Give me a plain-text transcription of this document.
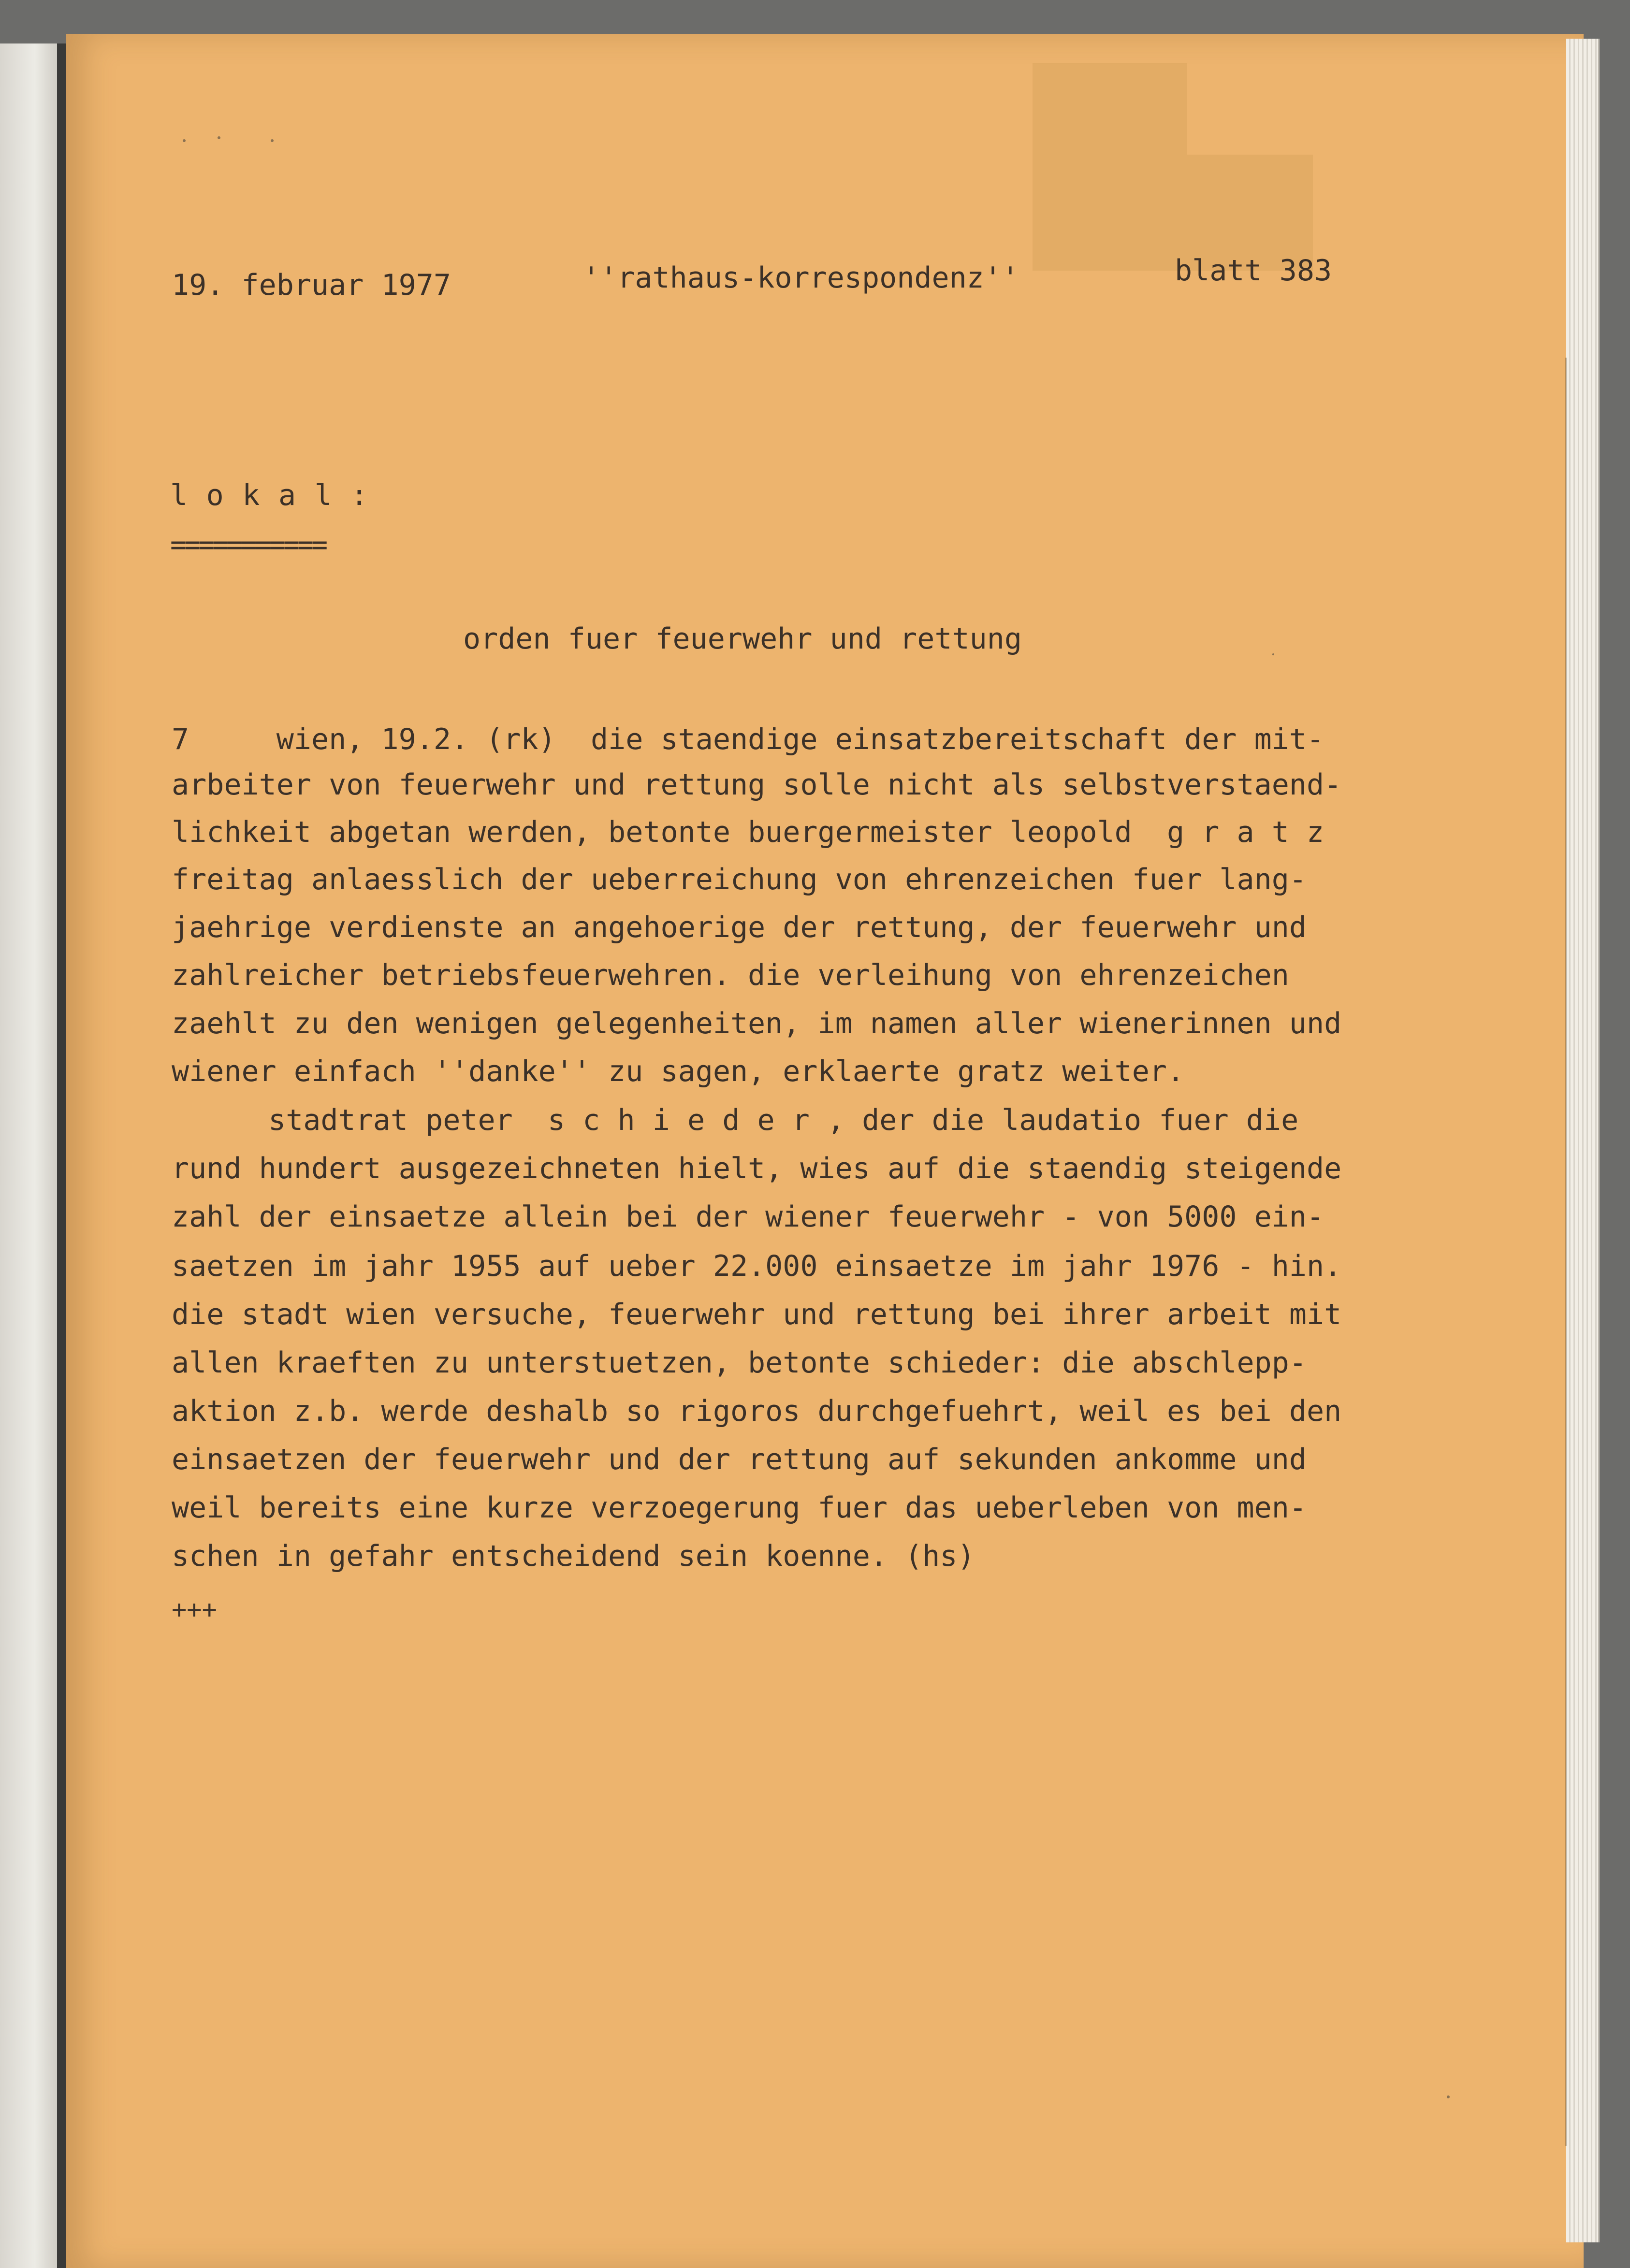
19. februar 1977	''rathaus-korrespondenz''	blatt 383
l o k a l :
===========
orden fuer feuerwehr und rettung
7     wien, 19.2. (rk)  die staendige einsatzbereitschaft der mit-
arbeiter von feuerwehr und rettung solle nicht als selbstverstaend-
lichkeit abgetan werden, betonte buergermeister leopold  g r a t z
freitag anlaesslich der ueberreichung von ehrenzeichen fuer lang-
jaehrige verdienste an angehoerige der rettung, der feuerwehr und
zahlreicher betriebsfeuerwehren. die verleihung von ehrenzeichen
zaehlt zu den wenigen gelegenheiten, im namen aller wienerinnen und
wiener einfach ''danke'' zu sagen, erklaerte gratz weiter.
stadtrat peter  s c h i e d e r , der die laudatio fuer die
rund hundert ausgezeichneten hielt, wies auf die staendig steigende
zahl der einsaetze allein bei der wiener feuerwehr - von 5000 ein-
saetzen im jahr 1955 auf ueber 22.000 einsaetze im jahr 1976 - hin.
die stadt wien versuche, feuerwehr und rettung bei ihrer arbeit mit
allen kraeften zu unterstuetzen, betonte schieder: die abschlepp-
aktion z.b. werde deshalb so rigoros durchgefuehrt, weil es bei den
einsaetzen der feuerwehr und der rettung auf sekunden ankomme und
weil bereits eine kurze verzoegerung fuer das ueberleben von men-
schen in gefahr entscheidend sein koenne. (hs)
+++
